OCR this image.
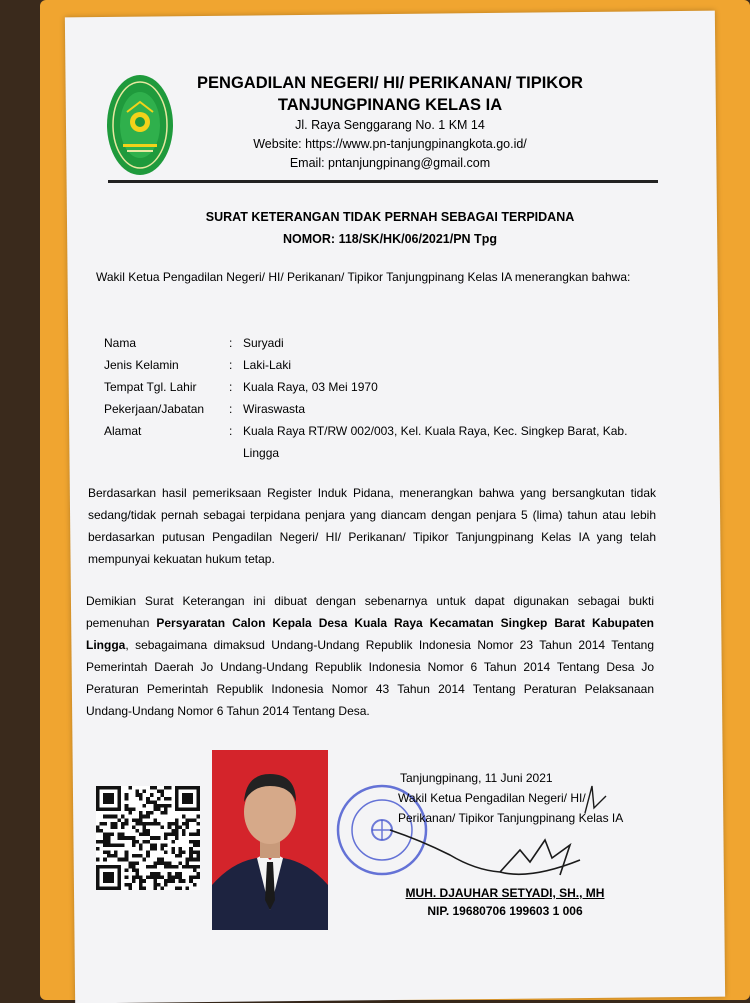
PENGADILAN NEGERI/ HI/ PERIKANAN/ TIPIKOR
TANJUNGPINANG KELAS IA
Jl. Raya Senggarang No. 1 KM 14
Website: https://www.pn-tanjungpinangkota.go.id/
Email: pntanjungpinang@gmail.com
SURAT KETERANGAN TIDAK PERNAH SEBAGAI TERPIDANA
NOMOR: 118/SK/HK/06/2021/PN Tpg
Wakil Ketua Pengadilan Negeri/ HI/ Perikanan/ Tipikor Tanjungpinang Kelas IA menerangkan bahwa:
Nama	: Suryadi
Jenis Kelamin	: Laki-Laki
Tempat Tgl. Lahir	: Kuala Raya, 03 Mei 1970
Pekerjaan/Jabatan	: Wiraswasta
Alamat	: Kuala Raya RT/RW 002/003, Kel. Kuala Raya, Kec. Singkep Barat, Kab. Lingga
Berdasarkan hasil pemeriksaan Register Induk Pidana, menerangkan bahwa yang bersangkutan tidak sedang/tidak pernah sebagai terpidana penjara yang diancam dengan penjara 5 (lima) tahun atau lebih berdasarkan putusan Pengadilan Negeri/ HI/ Perikanan/ Tipikor Tanjungpinang Kelas IA yang telah mempunyai kekuatan hukum tetap.
Demikian Surat Keterangan ini dibuat dengan sebenarnya untuk dapat digunakan sebagai bukti pemenuhan Persyaratan Calon Kepala Desa Kuala Raya Kecamatan Singkep Barat Kabupaten Lingga, sebagaimana dimaksud Undang-Undang Republik Indonesia Nomor 23 Tahun 2014 Tentang Pemerintah Daerah Jo Undang-Undang Republik Indonesia Nomor 6 Tahun 2014 Tentang Desa Jo Peraturan Pemerintah Republik Indonesia Nomor 43 Tahun 2014 Tentang Peraturan Pelaksanaan Undang-Undang Nomor 6 Tahun 2014 Tentang Desa.
Tanjungpinang, 11 Juni 2021
Wakil Ketua Pengadilan Negeri/ HI/
Perikanan/ Tipikor Tanjungpinang Kelas IA
MUH. DJAUHAR SETYADI, SH., MH
NIP. 19680706 199603 1 006
